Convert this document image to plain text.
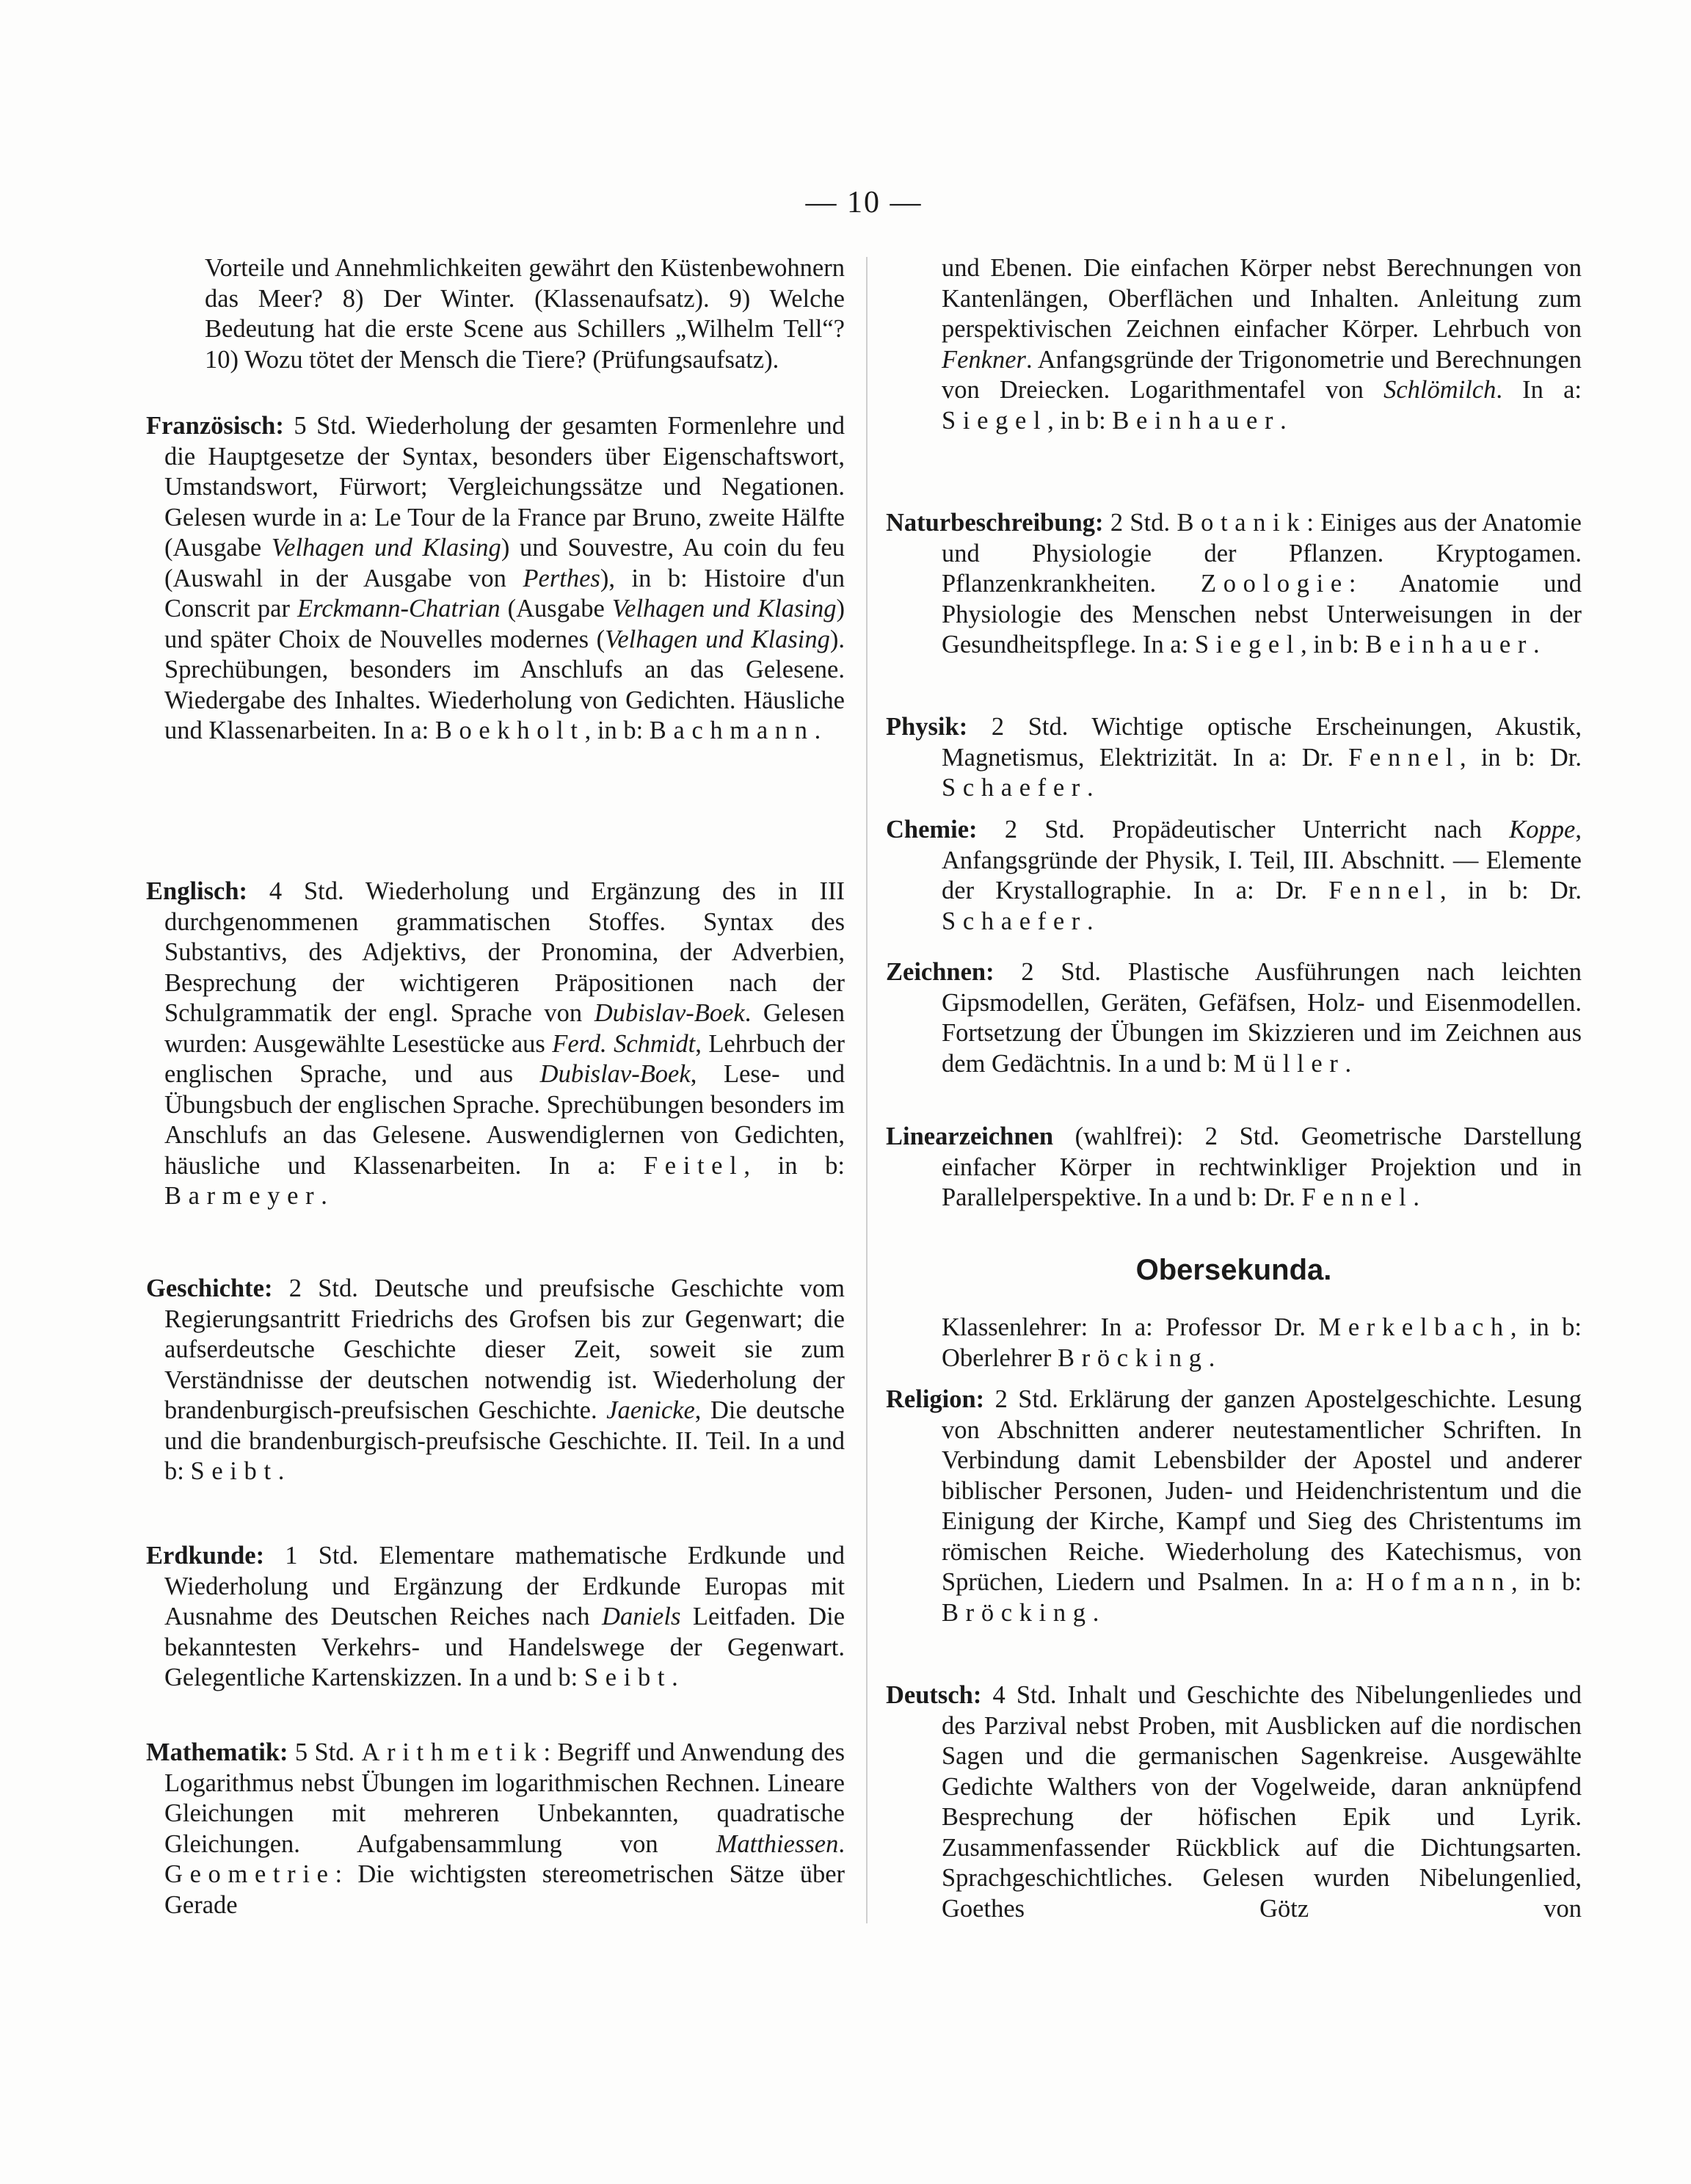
— 10 —

Vorteile und Annehmlichkeiten gewährt den Küstenbewohnern das Meer? 8) Der Winter. (Klassenaufsatz). 9) Welche Bedeutung hat die erste Scene aus Schillers „Wilhelm Tell“? 10) Wozu tötet der Mensch die Tiere? (Prüfungsaufsatz).

Französisch: 5 Std. Wiederholung der gesamten Formenlehre und die Hauptgesetze der Syntax, besonders über Eigenschaftswort, Umstandswort, Fürwort; Vergleichungssätze und Negationen. Gelesen wurde in a: Le Tour de la France par Bruno, zweite Hälfte (Ausgabe Velhagen und Klasing) und Souvestre, Au coin du feu (Auswahl in der Ausgabe von Perthes), in b: Histoire d'un Conscrit par Erckmann-Chatrian (Ausgabe Velhagen und Klasing) und später Choix de Nouvelles modernes (Velhagen und Klasing). Sprechübungen, besonders im Anschlufs an das Gelesene. Wiedergabe des Inhaltes. Wiederholung von Gedichten. Häusliche und Klassenarbeiten. In a: Boekholt, in b: Bachmann.

Englisch: 4 Std. Wiederholung und Ergänzung des in III durchgenommenen grammatischen Stoffes. Syntax des Substantivs, des Adjektivs, der Pronomina, der Adverbien, Besprechung der wichtigeren Präpositionen nach der Schulgrammatik der engl. Sprache von Dubislav-Boek. Gelesen wurden: Ausgewählte Lesestücke aus Ferd. Schmidt, Lehrbuch der englischen Sprache, und aus Dubislav-Boek, Lese- und Übungsbuch der englischen Sprache. Sprechübungen besonders im Anschlufs an das Gelesene. Auswendiglernen von Gedichten, häusliche und Klassenarbeiten. In a: Feitel, in b: Barmeyer.

Geschichte: 2 Std. Deutsche und preufsische Geschichte vom Regierungsantritt Friedrichs des Grofsen bis zur Gegenwart; die aufserdeutsche Geschichte dieser Zeit, soweit sie zum Verständnisse der deutschen notwendig ist. Wiederholung der brandenburgisch-preufsischen Geschichte. Jaenicke, Die deutsche und die brandenburgisch-preufsische Geschichte. II. Teil. In a und b: Seibt.

Erdkunde: 1 Std. Elementare mathematische Erdkunde und Wiederholung und Ergänzung der Erdkunde Europas mit Ausnahme des Deutschen Reiches nach Daniels Leitfaden. Die bekanntesten Verkehrs- und Handelswege der Gegenwart. Gelegentliche Kartenskizzen. In a und b: Seibt.

Mathematik: 5 Std. Arithmetik: Begriff und Anwendung des Logarithmus nebst Übungen im logarithmischen Rechnen. Lineare Gleichungen mit mehreren Unbekannten, quadratische Gleichungen. Aufgabensammlung von Matthiessen. Geometrie: Die wichtigsten stereometrischen Sätze über Gerade

Obersekunda.

und Ebenen. Die einfachen Körper nebst Berechnungen von Kantenlängen, Oberflächen und Inhalten. Anleitung zum perspektivischen Zeichnen einfacher Körper. Lehrbuch von Fenkner. Anfangsgründe der Trigonometrie und Berechnungen von Dreiecken. Logarithmentafel von Schlömilch. In a: Siegel, in b: Beinhauer.

Naturbeschreibung: 2 Std. Botanik: Einiges aus der Anatomie und Physiologie der Pflanzen. Kryptogamen. Pflanzenkrankheiten. Zoologie: Anatomie und Physiologie des Menschen nebst Unterweisungen in der Gesundheitspflege. In a: Siegel, in b: Beinhauer.

Physik: 2 Std. Wichtige optische Erscheinungen, Akustik, Magnetismus, Elektrizität. In a: Dr. Fennel, in b: Dr. Schaefer.

Chemie: 2 Std. Propädeutischer Unterricht nach Koppe, Anfangsgründe der Physik, I. Teil, III. Abschnitt. — Elemente der Krystallographie. In a: Dr. Fennel, in b: Dr. Schaefer.

Zeichnen: 2 Std. Plastische Ausführungen nach leichten Gipsmodellen, Geräten, Gefäfsen, Holz- und Eisenmodellen. Fortsetzung der Übungen im Skizzieren und im Zeichnen aus dem Gedächtnis. In a und b: Müller.

Linearzeichnen (wahlfrei): 2 Std. Geometrische Darstellung einfacher Körper in rechtwinkliger Projektion und in Parallelperspektive. In a und b: Dr. Fennel.

Klassenlehrer: In a: Professor Dr. Merkelbach, in b: Oberlehrer Bröcking.

Religion: 2 Std. Erklärung der ganzen Apostelgeschichte. Lesung von Abschnitten anderer neutestamentlicher Schriften. In Verbindung damit Lebensbilder der Apostel und anderer biblischer Personen, Juden- und Heidenchristentum und die Einigung der Kirche, Kampf und Sieg des Christentums im römischen Reiche. Wiederholung des Katechismus, von Sprüchen, Liedern und Psalmen. In a: Hofmann, in b: Bröcking.

Deutsch: 4 Std. Inhalt und Geschichte des Nibelungenliedes und des Parzival nebst Proben, mit Ausblicken auf die nordischen Sagen und die germanischen Sagenkreise. Ausgewählte Gedichte Walthers von der Vogelweide, daran anknüpfend Besprechung der höfischen Epik und Lyrik. Zusammenfassender Rückblick auf die Dichtungsarten. Sprachgeschichtliches. Gelesen wurden Nibelungenlied, Goethes Götz von
